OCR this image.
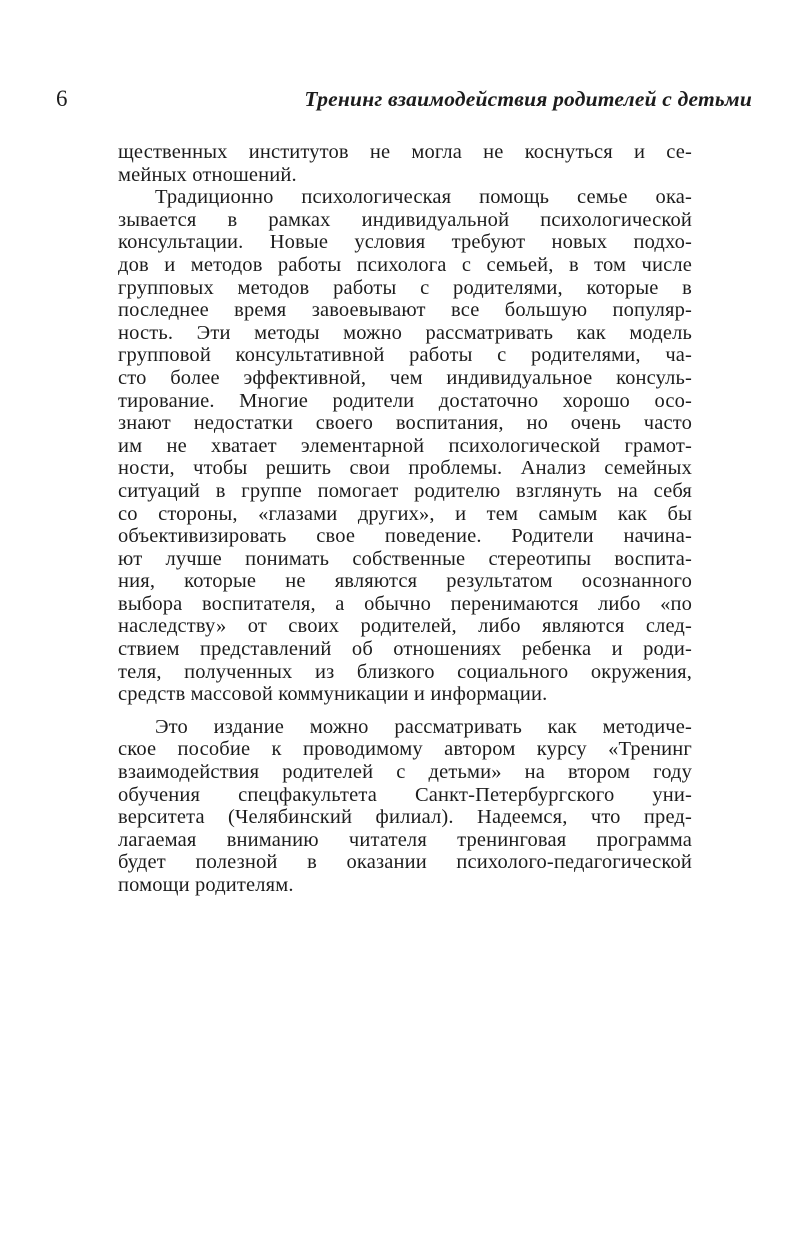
6	Тренинг взаимодействия родителей с детьми
щественных институтов не могла не коснуться и се-
мейных отношений.
Традиционно психологическая помощь семье ока-
зывается в рамках индивидуальной психологической
консультации. Новые условия требуют новых подхо-
дов и методов работы психолога с семьей, в том числе
групповых методов работы с родителями, которые в
последнее время завоевывают все большую популяр-
ность. Эти методы можно рассматривать как модель
групповой консультативной работы с родителями, ча-
сто более эффективной, чем индивидуальное консуль-
тирование. Многие родители достаточно хорошо осо-
знают недостатки своего воспитания, но очень часто
им не хватает элементарной психологической грамот-
ности, чтобы решить свои проблемы. Анализ семейных
ситуаций в группе помогает родителю взглянуть на себя
со стороны, «глазами других», и тем самым как бы
объективизировать свое поведение. Родители начина-
ют лучше понимать собственные стереотипы воспита-
ния, которые не являются результатом осознанного
выбора воспитателя, а обычно перенимаются либо «по
наследству» от своих родителей, либо являются след-
ствием представлений об отношениях ребенка и роди-
теля, полученных из близкого социального окружения,
средств массовой коммуникации и информации.
Это издание можно рассматривать как методиче-
ское пособие к проводимому автором курсу «Тренинг
взаимодействия родителей с детьми» на втором году
обучения спецфакультета Санкт-Петербургского уни-
верситета (Челябинский филиал). Надеемся, что пред-
лагаемая вниманию читателя тренинговая программа
будет полезной в оказании психолого-педагогической
помощи родителям.
